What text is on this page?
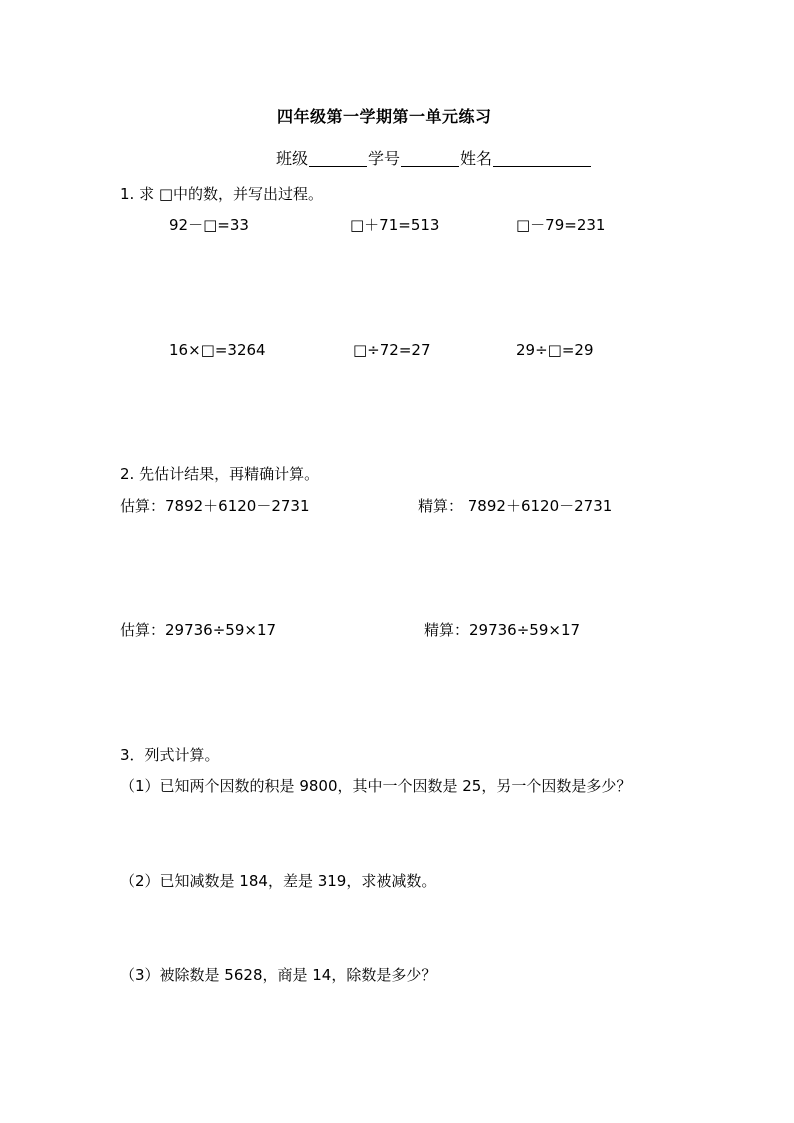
四年级第一学期第一单元练习
班级	学号	姓名
1. 求 □中的数，并写出过程。
92－□=33	□＋71=513	□－79=231
16×□=3264	□÷72=27	29÷□=29
2. 先估计结果，再精确计算。
估算：7892＋6120－2731	精算： 7892＋6120－2731
估算：29736÷59×17	精算：29736÷59×17
3．列式计算。
（1）已知两个因数的积是 9800，其中一个因数是 25，另一个因数是多少？
（2）已知减数是 184，差是 319，求被减数。
（3）被除数是 5628，商是 14，除数是多少？
